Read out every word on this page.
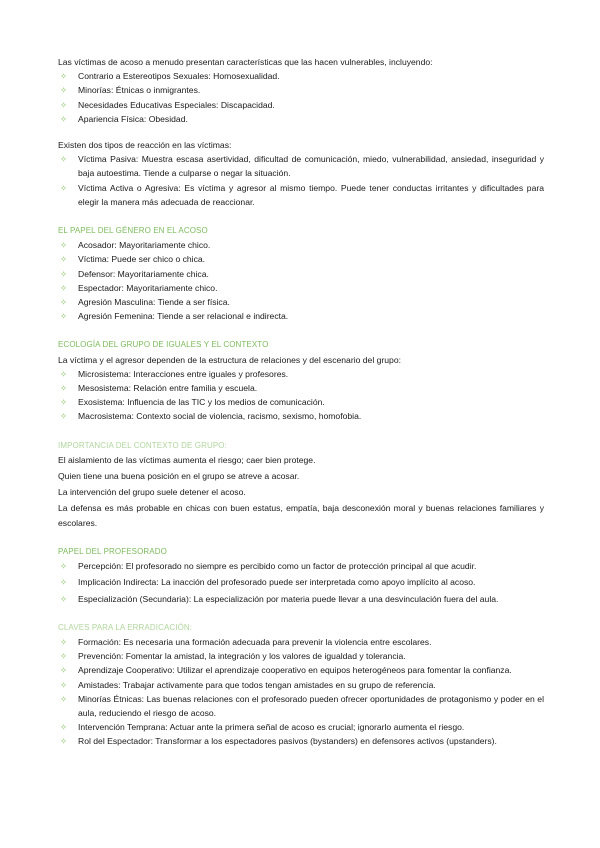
Las víctimas de acoso a menudo presentan características que las hacen vulnerables, incluyendo:

✧ Contrario a Estereotipos Sexuales: Homosexualidad.
✧ Minorías: Étnicas o inmigrantes.
✧ Necesidades Educativas Especiales: Discapacidad.
✧ Apariencia Física: Obesidad.

Existen dos tipos de reacción en las víctimas:

✧ Víctima Pasiva: Muestra escasa asertividad, dificultad de comunicación, miedo, vulnerabilidad, ansiedad, inseguridad y baja autoestima. Tiende a culparse o negar la situación.
✧ Víctima Activa o Agresiva: Es víctima y agresor al mismo tiempo. Puede tener conductas irritantes y dificultades para elegir la manera más adecuada de reaccionar.

EL PAPEL DEL GÉNERO EN EL ACOSO

✧ Acosador: Mayoritariamente chico.
✧ Víctima: Puede ser chico o chica.
✧ Defensor: Mayoritariamente chica.
✧ Espectador: Mayoritariamente chico.
✧ Agresión Masculina: Tiende a ser física.
✧ Agresión Femenina: Tiende a ser relacional e indirecta.

ECOLOGÍA DEL GRUPO DE IGUALES Y EL CONTEXTO

La víctima y el agresor dependen de la estructura de relaciones y del escenario del grupo:

✧ Microsistema: Interacciones entre iguales y profesores.
✧ Mesosistema: Relación entre familia y escuela.
✧ Exosistema: Influencia de las TIC y los medios de comunicación.
✧ Macrosistema: Contexto social de violencia, racismo, sexismo, homofobia.

IMPORTANCIA DEL CONTEXTO DE GRUPO:

El aislamiento de las víctimas aumenta el riesgo; caer bien protege.

Quien tiene una buena posición en el grupo se atreve a acosar.

La intervención del grupo suele detener el acoso.

La defensa es más probable en chicas con buen estatus, empatía, baja desconexión moral y buenas relaciones familiares y escolares.

PAPEL DEL PROFESORADO

✧ Percepción: El profesorado no siempre es percibido como un factor de protección principal al que acudir.
✧ Implicación Indirecta: La inacción del profesorado puede ser interpretada como apoyo implícito al acoso.
✧ Especialización (Secundaria): La especialización por materia puede llevar a una desvinculación fuera del aula.

CLAVES PARA LA ERRADICACIÓN:

✧ Formación: Es necesaria una formación adecuada para prevenir la violencia entre escolares.
✧ Prevención: Fomentar la amistad, la integración y los valores de igualdad y tolerancia.
✧ Aprendizaje Cooperativo: Utilizar el aprendizaje cooperativo en equipos heterogéneos para fomentar la confianza.
✧ Amistades: Trabajar activamente para que todos tengan amistades en su grupo de referencia.
✧ Minorías Étnicas: Las buenas relaciones con el profesorado pueden ofrecer oportunidades de protagonismo y poder en el aula, reduciendo el riesgo de acoso.
✧ Intervención Temprana: Actuar ante la primera señal de acoso es crucial; ignorarlo aumenta el riesgo.
✧ Rol del Espectador: Transformar a los espectadores pasivos (bystanders) en defensores activos (upstanders).
